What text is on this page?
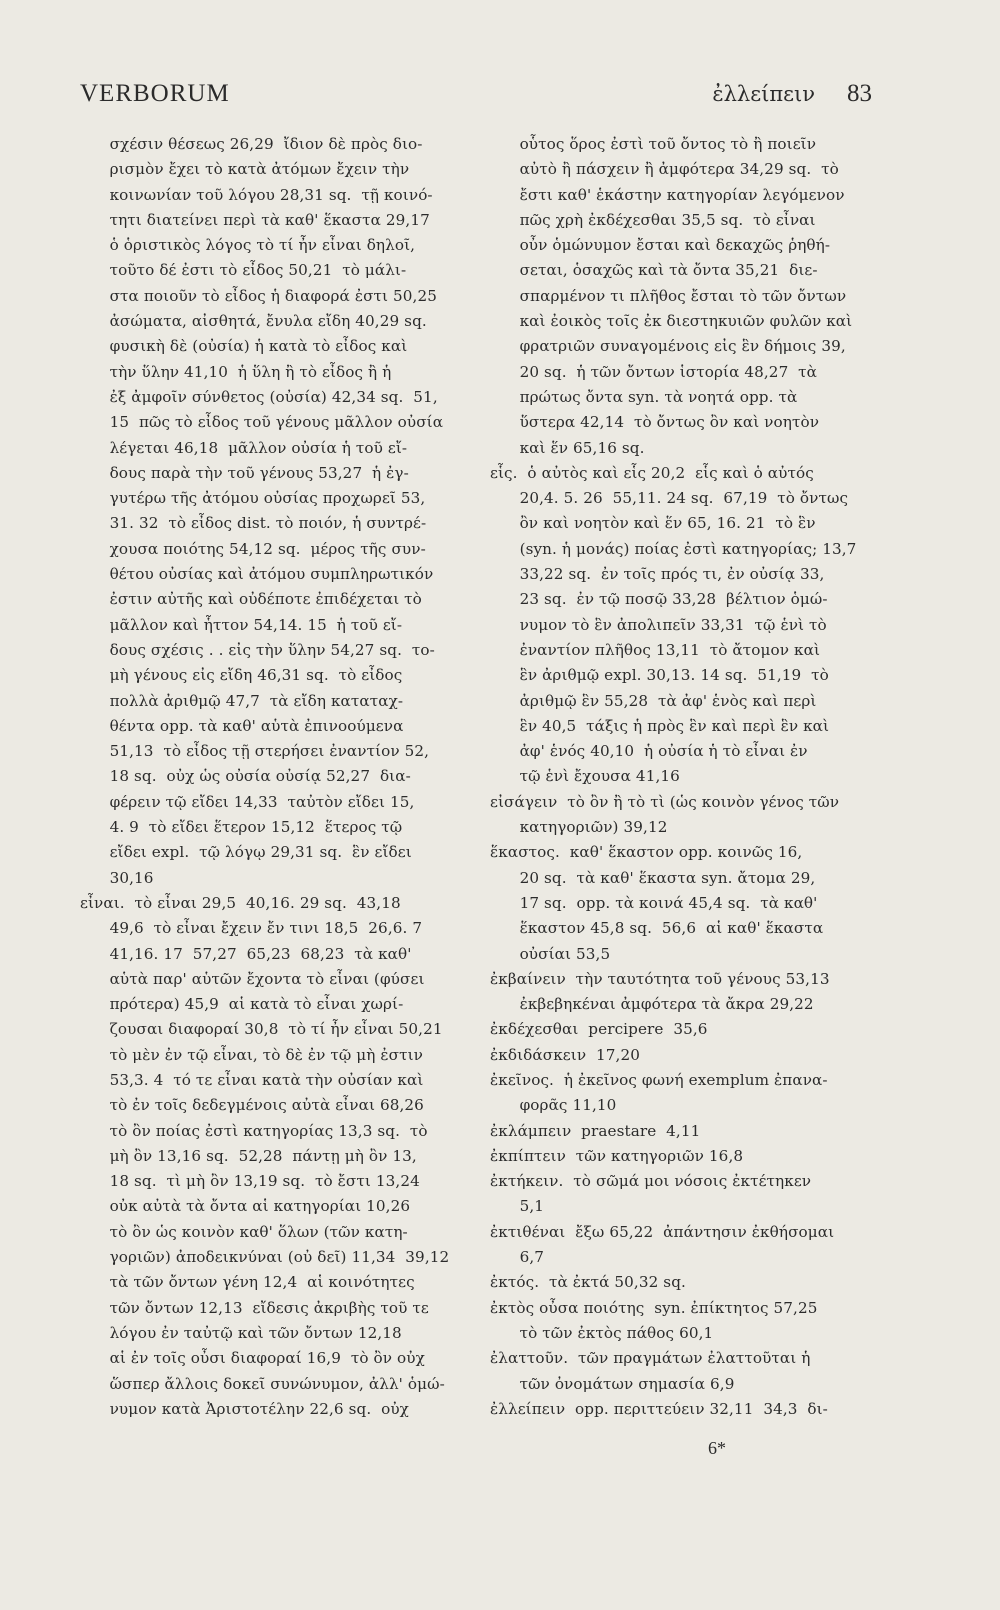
VERBORUM	ἐλλείπειν 83
σχέσιν θέσεως 26,29  ἴδιον δὲ πρὸς διο-
ρισμὸν ἔχει τὸ κατὰ ἀτόμων ἔχειν τὴν
κοινωνίαν τοῦ λόγου 28,31 sq.  τῇ κοινό-
τητι διατείνει περὶ τὰ καθ' ἕκαστα 29,17
ὁ ὁριστικὸς λόγος τὸ τί ἦν εἶναι δηλοῖ,
τοῦτο δέ ἐστι τὸ εἶδος 50,21  τὸ μάλι-
στα ποιοῦν τὸ εἶδος ἡ διαφορά ἐστι 50,25
ἀσώματα, αἰσθητά, ἔνυλα εἴδη 40,29 sq.
φυσικὴ δὲ (οὐσία) ἡ κατὰ τὸ εἶδος καὶ
τὴν ὕλην 41,10  ἡ ὕλη ἢ τὸ εἶδος ἢ ἡ
ἐξ ἀμφοῖν σύνθετος (οὐσία) 42,34 sq.  51,
15  πῶς τὸ εἶδος τοῦ γένους μᾶλλον οὐσία
λέγεται 46,18  μᾶλλον οὐσία ἡ τοῦ εἴ-
δους παρὰ τὴν τοῦ γένους 53,27  ἡ ἐγ-
γυτέρω τῆς ἀτόμου οὐσίας προχωρεῖ 53,
31. 32  τὸ εἶδος dist. τὸ ποιόν, ἡ συντρέ-
χουσα ποιότης 54,12 sq.  μέρος τῆς συν-
θέτου οὐσίας καὶ ἀτόμου συμπληρωτικόν
ἐστιν αὐτῆς καὶ οὐδέποτε ἐπιδέχεται τὸ
μᾶλλον καὶ ἧττον 54,14. 15  ἡ τοῦ εἴ-
δους σχέσις . . εἰς τὴν ὕλην 54,27 sq.  το-
μὴ γένους εἰς εἴδη 46,31 sq.  τὸ εἶδος
πολλὰ ἀριθμῷ 47,7  τὰ εἴδη καταταχ-
θέντα opp. τὰ καθ' αὑτὰ ἐπινοούμενα
51,13  τὸ εἶδος τῇ στερήσει ἐναντίον 52,
18 sq.  οὐχ ὡς οὐσία οὐσίᾳ 52,27  δια-
φέρειν τῷ εἴδει 14,33  ταὐτὸν εἴδει 15,
4. 9  τὸ εἴδει ἕτερον 15,12  ἕτερος τῷ
εἴδει expl.  τῷ λόγῳ 29,31 sq.  ἓν εἴδει
30,16
εἶναι.  τὸ εἶναι 29,5  40,16. 29 sq.  43,18
49,6  τὸ εἶναι ἔχειν ἔν τινι 18,5  26,6. 7
41,16. 17  57,27  65,23  68,23  τὰ καθ'
αὑτὰ παρ' αὑτῶν ἔχοντα τὸ εἶναι (φύσει
πρότερα) 45,9  αἱ κατὰ τὸ εἶναι χωρί-
ζουσαι διαφοραί 30,8  τὸ τί ἦν εἶναι 50,21
τὸ μὲν ἐν τῷ εἶναι, τὸ δὲ ἐν τῷ μὴ ἐστιν
53,3. 4  τό τε εἶναι κατὰ τὴν οὐσίαν καὶ
τὸ ἐν τοῖς δεδεγμένοις αὐτὰ εἶναι 68,26
τὸ ὂν ποίας ἐστὶ κατηγορίας 13,3 sq.  τὸ
μὴ ὂν 13,16 sq.  52,28  πάντῃ μὴ ὂν 13,
18 sq.  τὶ μὴ ὂν 13,19 sq.  τὸ ἔστι 13,24
οὐκ αὐτὰ τὰ ὄντα αἱ κατηγορίαι 10,26
τὸ ὂν ὡς κοινὸν καθ' ὅλων (τῶν κατη-
γοριῶν) ἀποδεικνύναι (οὐ δεῖ) 11,34  39,12
τὰ τῶν ὄντων γένη 12,4  αἱ κοινότητες
τῶν ὄντων 12,13  εἴδεσις ἀκριβὴς τοῦ τε
λόγου ἐν ταὐτῷ καὶ τῶν ὄντων 12,18
αἱ ἐν τοῖς οὖσι διαφοραί 16,9  τὸ ὂν οὐχ
ὥσπερ ἄλλοις δοκεῖ συνώνυμον, ἀλλ' ὁμώ-
νυμον κατὰ Ἀριστοτέλην 22,6 sq.  οὐχ
οὗτος ὅρος ἐστὶ τοῦ ὄντος τὸ ἢ ποιεῖν
αὐτὸ ἢ πάσχειν ἢ ἀμφότερα 34,29 sq.  τὸ
ἔστι καθ' ἑκάστην κατηγορίαν λεγόμενον
πῶς χρὴ ἐκδέχεσθαι 35,5 sq.  τὸ εἶναι
οὖν ὁμώνυμον ἔσται καὶ δεκαχῶς ῥηθή-
σεται, ὁσαχῶς καὶ τὰ ὄντα 35,21  διε-
σπαρμένον τι πλῆθος ἔσται τὸ τῶν ὄντων
καὶ ἐοικὸς τοῖς ἐκ διεστηκυιῶν φυλῶν καὶ
φρατριῶν συναγομένοις εἰς ἓν δήμοις 39,
20 sq.  ἡ τῶν ὄντων ἱστορία 48,27  τὰ
πρώτως ὄντα syn. τὰ νοητά opp. τὰ
ὕστερα 42,14  τὸ ὄντως ὂν καὶ νοητὸν
καὶ ἕν 65,16 sq.
εἷς.  ὁ αὐτὸς καὶ εἷς 20,2  εἷς καὶ ὁ αὐτός
20,4. 5. 26  55,11. 24 sq.  67,19  τὸ ὄντως
ὂν καὶ νοητὸν καὶ ἕν 65, 16. 21  τὸ ἓν
(syn. ἡ μονάς) ποίας ἐστὶ κατηγορίας; 13,7
33,22 sq.  ἐν τοῖς πρός τι, ἐν οὐσίᾳ 33,
23 sq.  ἐν τῷ ποσῷ 33,28  βέλτιον ὁμώ-
νυμον τὸ ἓν ἀπολιπεῖν 33,31  τῷ ἑνὶ τὸ
ἐναντίον πλῆθος 13,11  τὸ ἄτομον καὶ
ἓν ἀριθμῷ expl. 30,13. 14 sq.  51,19  τὸ
ἀριθμῷ ἓν 55,28  τὰ ἀφ' ἑνὸς καὶ περὶ
ἓν 40,5  τάξις ἡ πρὸς ἓν καὶ περὶ ἓν καὶ
ἀφ' ἑνός 40,10  ἡ οὐσία ἡ τὸ εἶναι ἐν
τῷ ἑνὶ ἔχουσα 41,16
εἰσάγειν  τὸ ὂν ἢ τὸ τὶ (ὡς κοινὸν γένος τῶν
κατηγοριῶν) 39,12
ἕκαστος.  καθ' ἕκαστον opp. κοινῶς 16,
20 sq.  τὰ καθ' ἕκαστα syn. ἄτομα 29,
17 sq.  opp. τὰ κοινά 45,4 sq.  τὰ καθ'
ἕκαστον 45,8 sq.  56,6  αἱ καθ' ἕκαστα
οὐσίαι 53,5
ἐκβαίνειν  τὴν ταυτότητα τοῦ γένους 53,13
ἐκβεβηκέναι ἀμφότερα τὰ ἄκρα 29,22
ἐκδέχεσθαι  percipere  35,6
ἐκδιδάσκειν  17,20
ἐκεῖνος.  ἡ ἐκεῖνος φωνή exemplum ἐπανα-
φορᾶς 11,10
ἐκλάμπειν  praestare  4,11
ἐκπίπτειν  τῶν κατηγοριῶν 16,8
ἐκτήκειν.  τὸ σῶμά μοι νόσοις ἐκτέτηκεν
5,1
ἐκτιθέναι  ἔξω 65,22  ἀπάντησιν ἐκθήσομαι
6,7
ἐκτός.  τὰ ἐκτά 50,32 sq.
ἐκτὸς οὖσα ποιότης  syn. ἐπίκτητος 57,25
τὸ τῶν ἐκτὸς πάθος 60,1
ἐλαττοῦν.  τῶν πραγμάτων ἐλαττοῦται ἡ
τῶν ὀνομάτων σημασία 6,9
ἐλλείπειν  opp. περιττεύειν 32,11  34,3  δι-
6*
